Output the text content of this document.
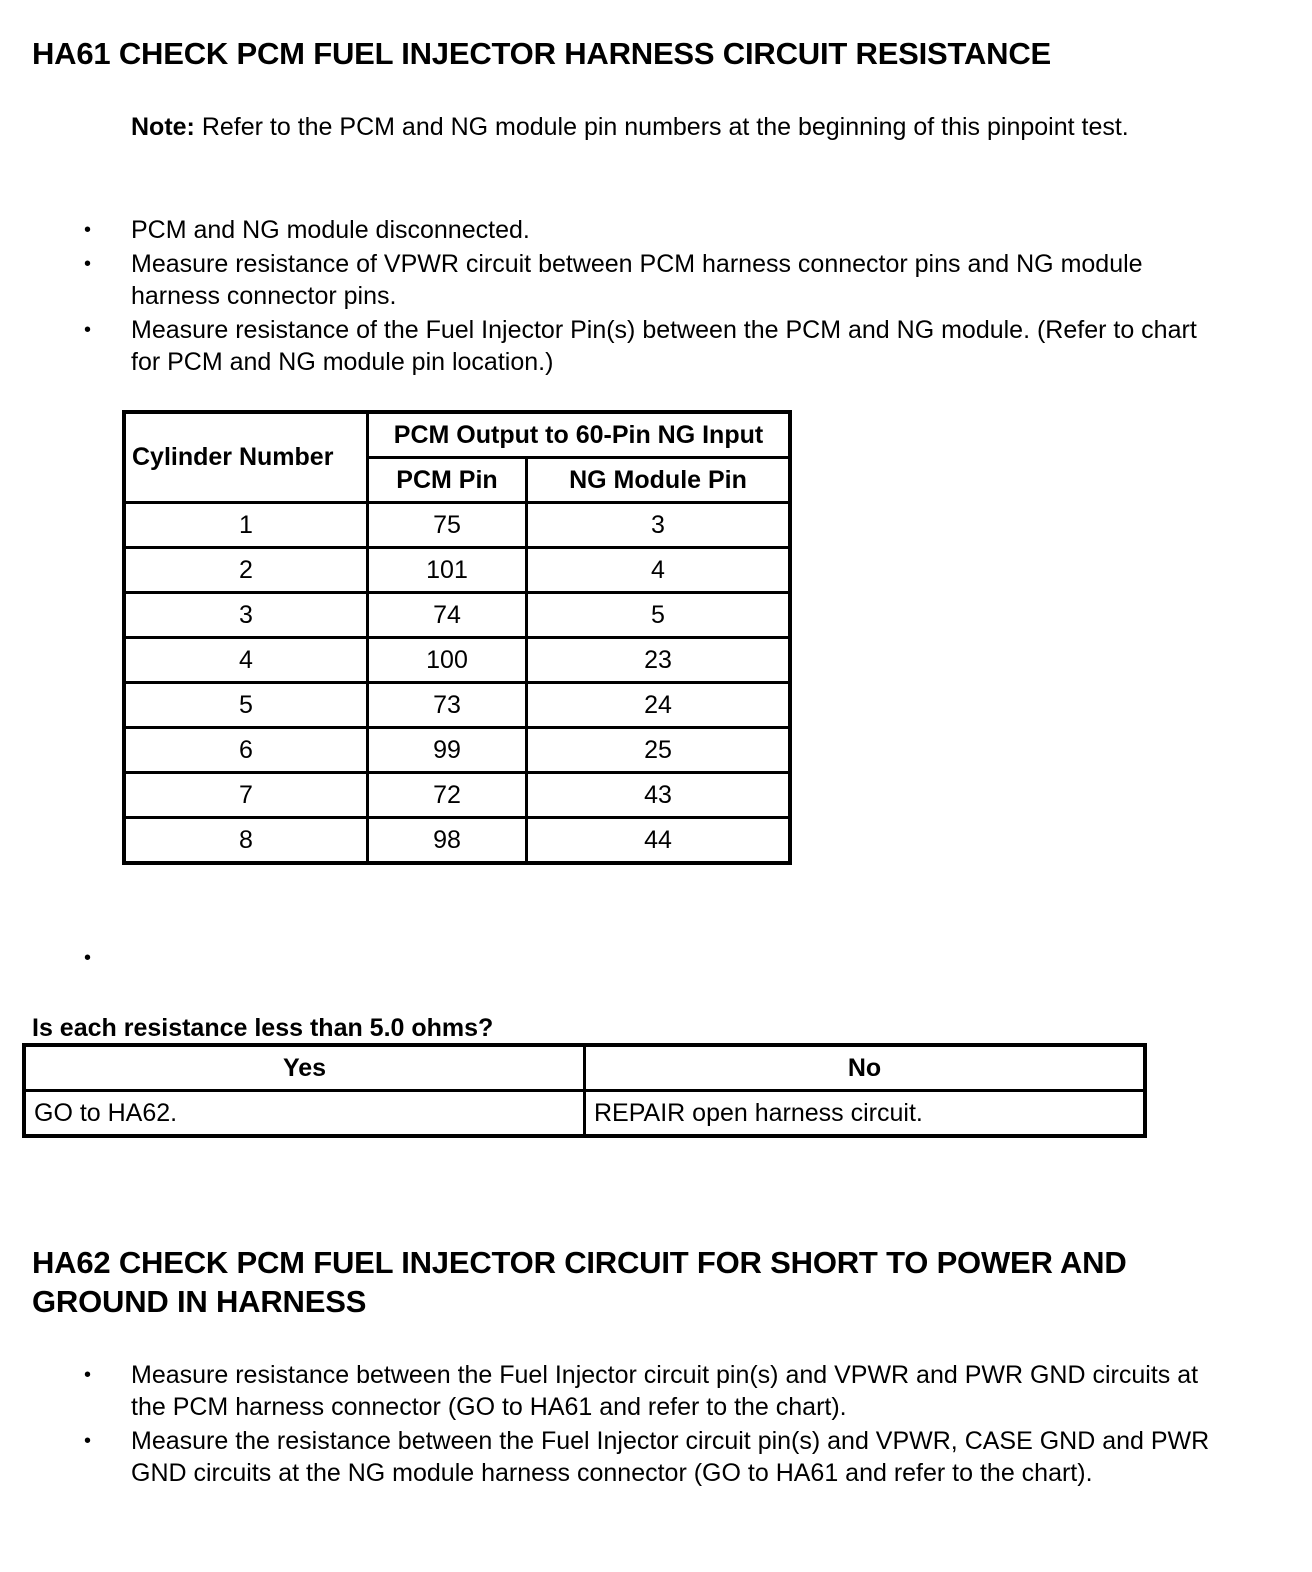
HA61 CHECK PCM FUEL INJECTOR HARNESS CIRCUIT RESISTANCE

Note: Refer to the PCM and NG module pin numbers at the beginning of this pinpoint test.

• PCM and NG module disconnected.
• Measure resistance of VPWR circuit between PCM harness connector pins and NG module harness connector pins.
• Measure resistance of the Fuel Injector Pin(s) between the PCM and NG module. (Refer to chart for PCM and NG module pin location.)
Cylinder Number	PCM Output to 60-Pin NG Input	
	PCM Pin	NG Module Pin
1	75	3
2	101	4
3	74	5
4	100	23
5	73	24
6	99	25
7	72	43
8	98	44
•

Is each resistance less than 5.0 ohms?

Yes	No
GO to HA62.	REPAIR open harness circuit.
HA62 CHECK PCM FUEL INJECTOR CIRCUIT FOR SHORT TO POWER AND GROUND IN HARNESS
• Measure resistance between the Fuel Injector circuit pin(s) and VPWR and PWR GND circuits at the PCM harness connector (GO to HA61 and refer to the chart).
• Measure the resistance between the Fuel Injector circuit pin(s) and VPWR, CASE GND and PWR GND circuits at the NG module harness connector (GO to HA61 and refer to the chart).
